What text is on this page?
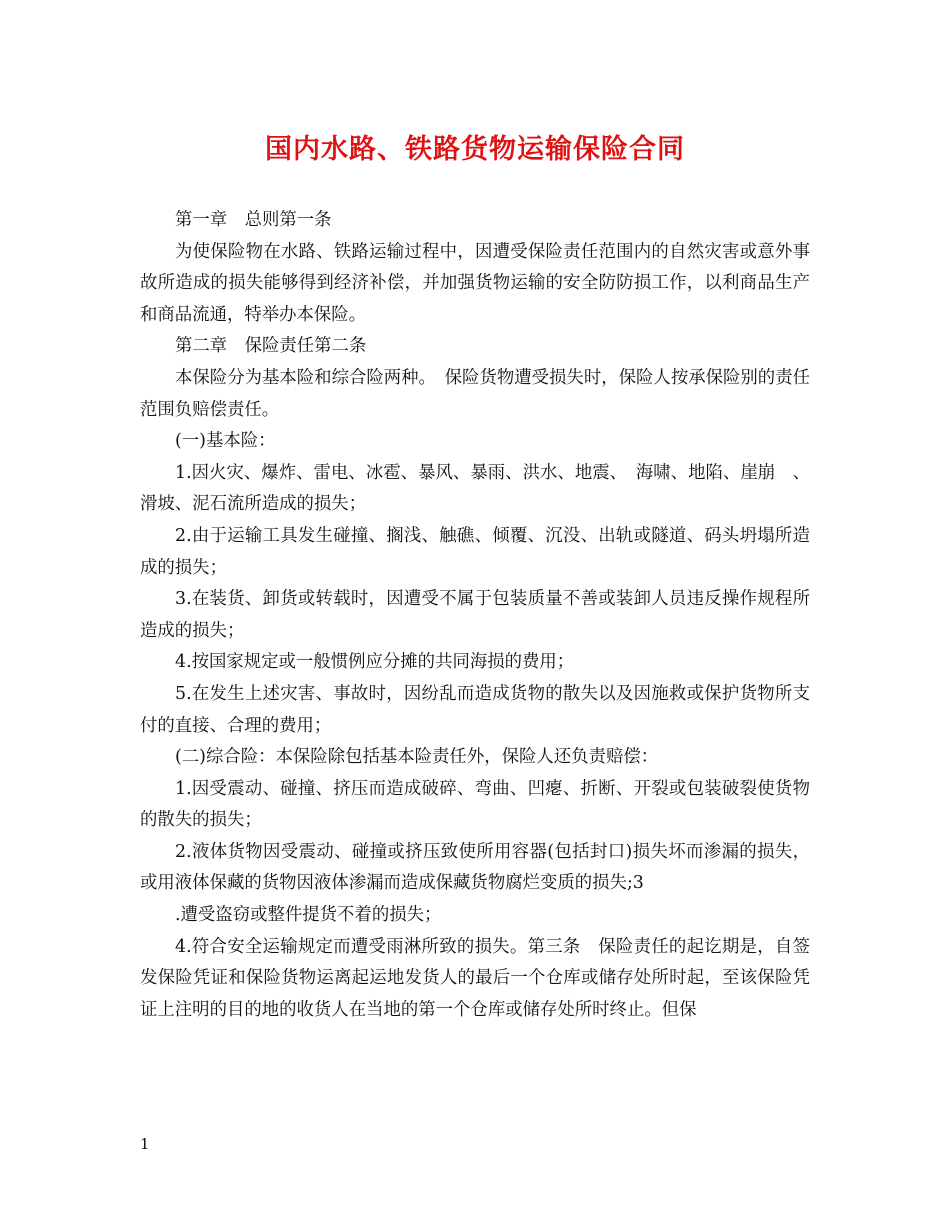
国内水路、铁路货物运输保险合同

第一章　总则第一条

为使保险物在水路、铁路运输过程中，因遭受保险责任范围内的自然灾害或意外事故所造成的损失能够得到经济补偿，并加强货物运输的安全防防损工作，以利商品生产和商品流通，特举办本保险。

第二章　保险责任第二条

本保险分为基本险和综合险两种。　保险货物遭受损失时，保险人按承保险别的责任范围负赔偿责任。

(一)基本险：

1.因火灾、爆炸、雷电、冰雹、暴风、暴雨、洪水、地震、　海啸、地陷、崖崩　、滑坡、泥石流所造成的损失；

2.由于运输工具发生碰撞、搁浅、触礁、倾覆、沉没、出轨或隧道、码头坍塌所造成的损失；

3.在装货、卸货或转载时，因遭受不属于包装质量不善或装卸人员违反操作规程所造成的损失；

4.按国家规定或一般惯例应分摊的共同海损的费用；

5.在发生上述灾害、事故时，因纷乱而造成货物的散失以及因施救或保护货物所支付的直接、合理的费用；

(二)综合险：本保险除包括基本险责任外，保险人还负责赔偿：

1.因受震动、碰撞、挤压而造成破碎、弯曲、凹瘪、折断、开裂或包装破裂使货物的散失的损失；

2.液体货物因受震动、碰撞或挤压致使所用容器(包括封口)损失坏而渗漏的损失，或用液体保藏的货物因液体渗漏而造成保藏货物腐烂变质的损失;3

.遭受盗窃或整件提货不着的损失；

4.符合安全运输规定而遭受雨淋所致的损失。第三条　保险责任的起讫期是，自签发保险凭证和保险货物运离起运地发货人的最后一个仓库或储存处所时起，至该保险凭证上注明的目的地的收货人在当地的第一个仓库或储存处所时终止。但保

1
